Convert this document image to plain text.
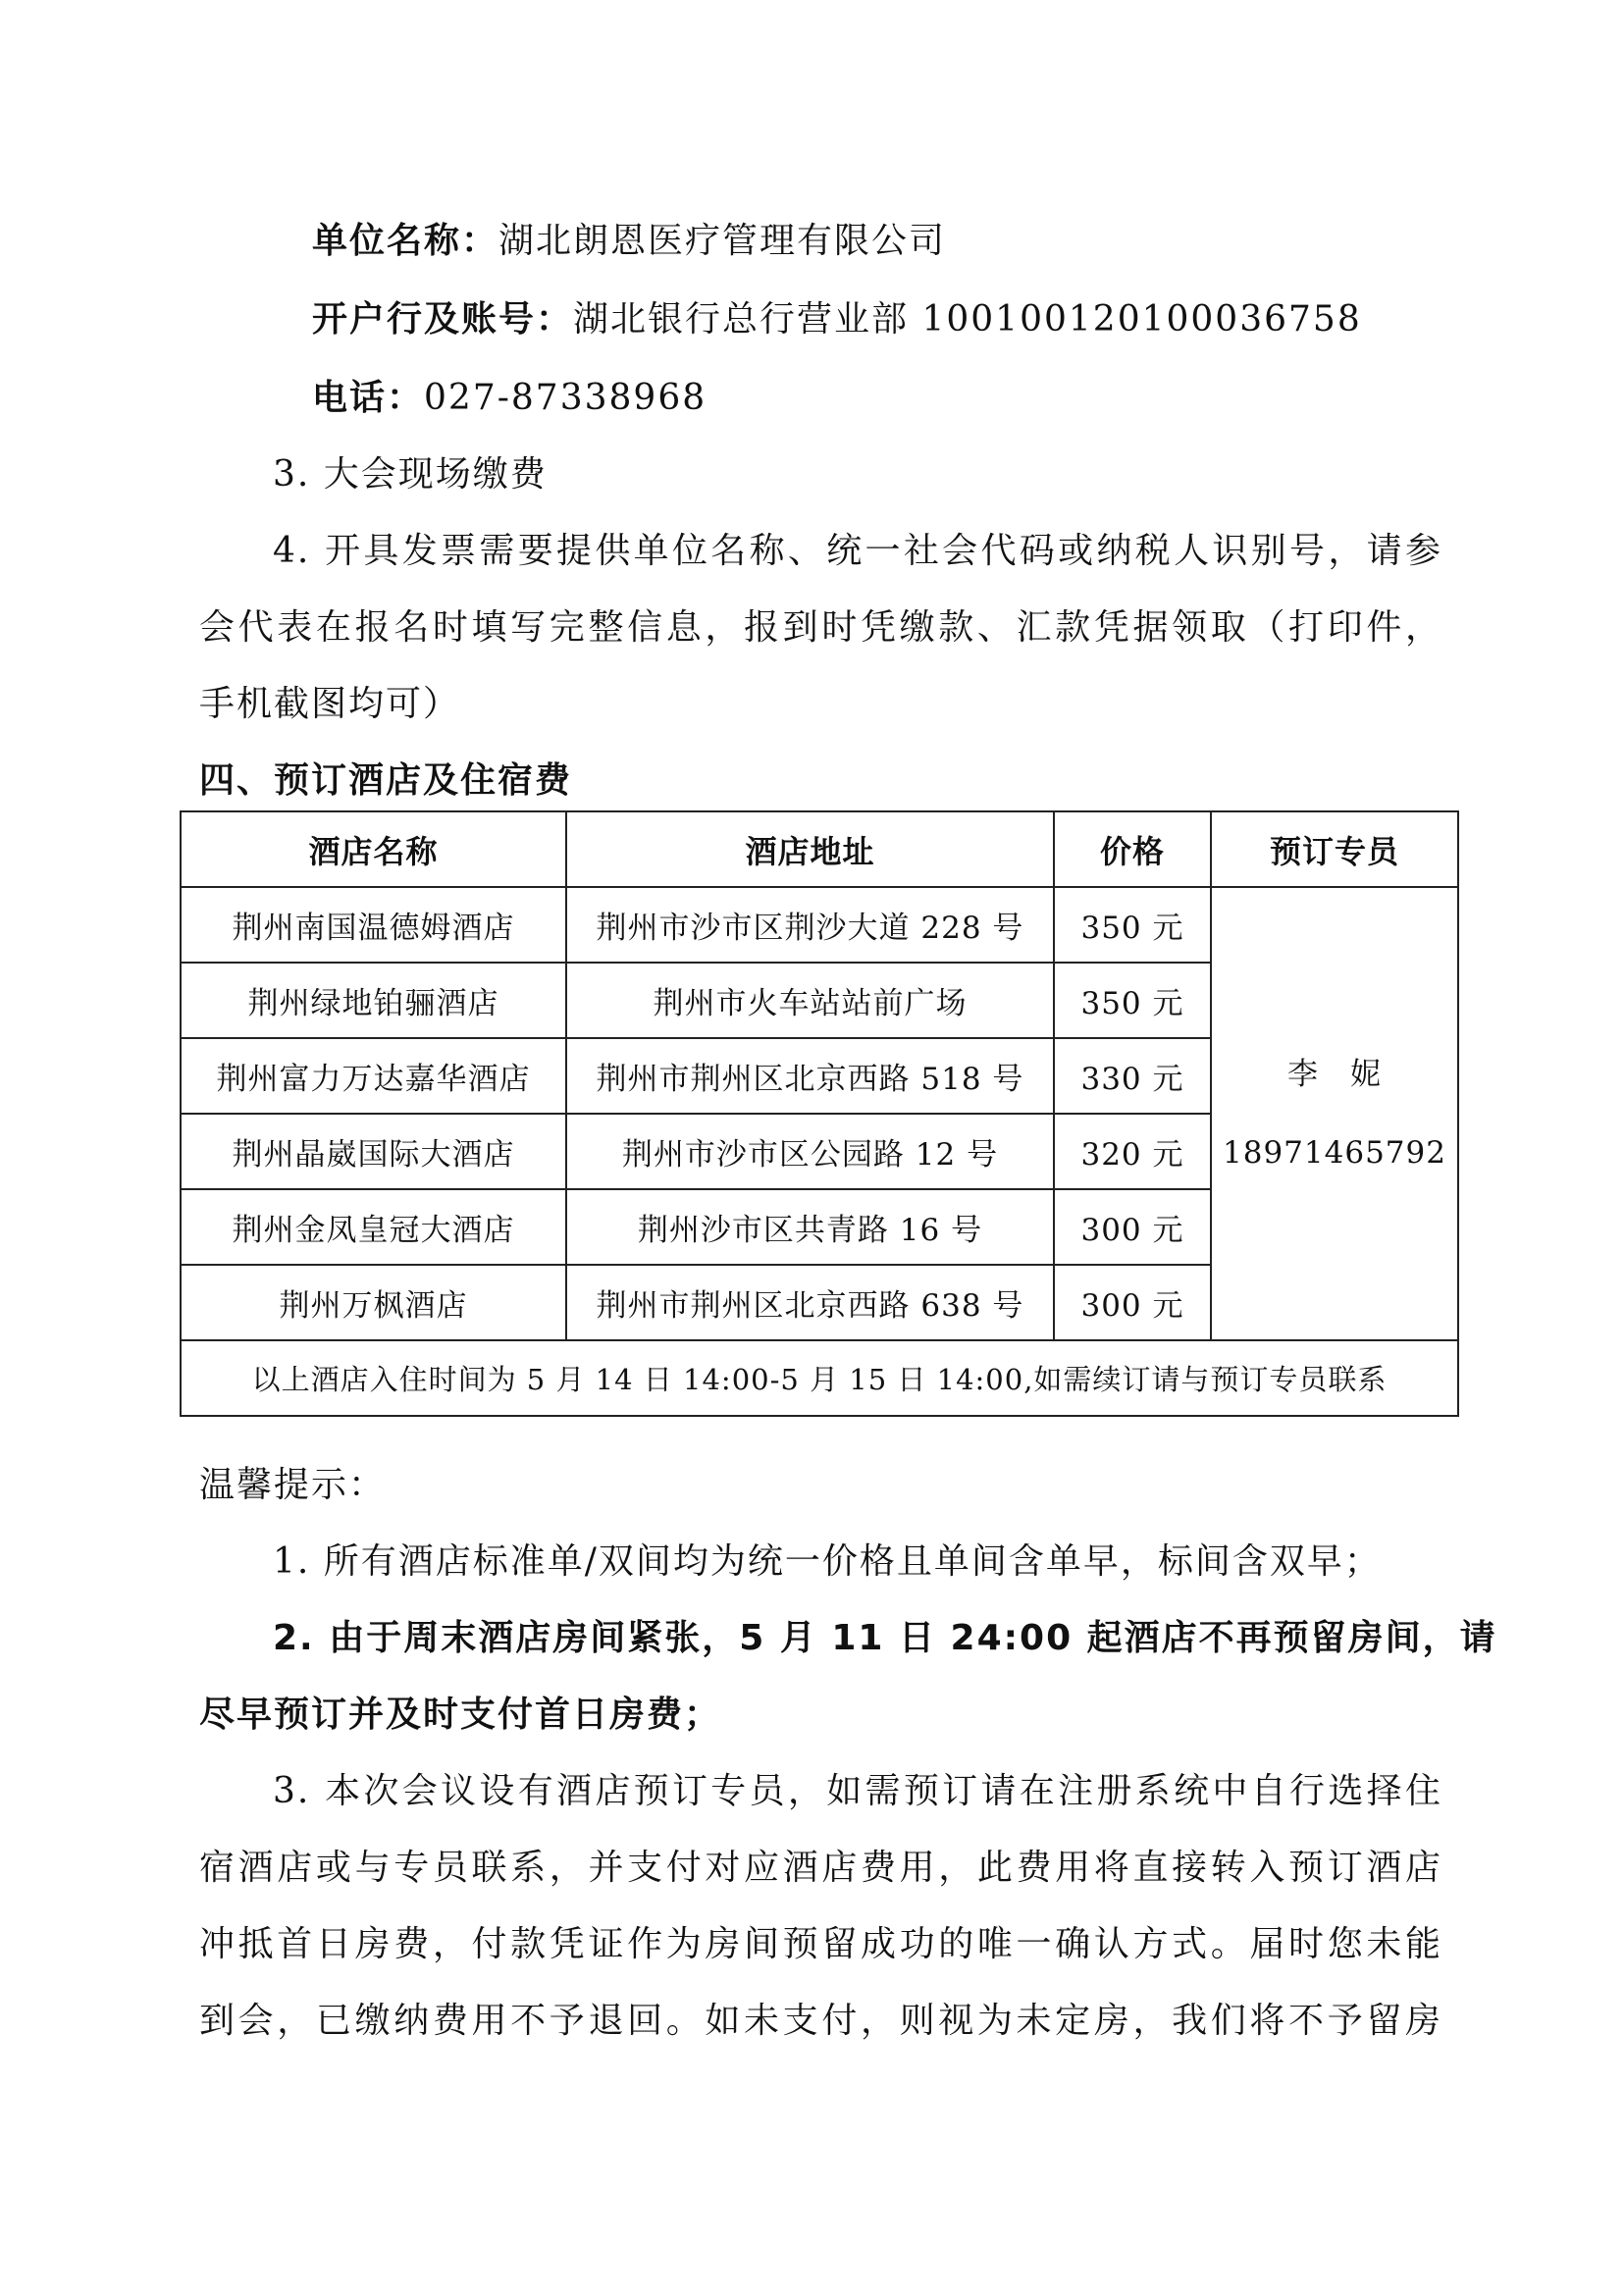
单位名称：湖北朗恩医疗管理有限公司
开户行及账号：湖北银行总行营业部 100100120100036758
电话：027-87338968
3. 大会现场缴费
4. 开具发票需要提供单位名称、统一社会代码或纳税人识别号，请参
会代表在报名时填写完整信息，报到时凭缴款、汇款凭据领取（打印件，
手机截图均可）
四、预订酒店及住宿费
酒店名称	酒店地址	价格	预订专员
荆州南国温德姆酒店	荆州市沙市区荆沙大道 228 号	350 元	李　妮
18971465792

荆州绿地铂骊酒店	荆州市火车站站前广场	350 元	
荆州富力万达嘉华酒店	荆州市荆州区北京西路 518 号	330 元	
荆州晶崴国际大酒店	荆州市沙市区公园路 12 号	320 元	
荆州金凤皇冠大酒店	荆州沙市区共青路 16 号	300 元	
荆州万枫酒店	荆州市荆州区北京西路 638 号	300 元	
以上酒店入住时间为 5 月 14 日 14:00-5 月 15 日 14:00,如需续订请与预订专员联系			
温馨提示：
1. 所有酒店标准单/双间均为统一价格且单间含单早，标间含双早；
2. 由于周末酒店房间紧张，5 月 11 日 24:00 起酒店不再预留房间，请
尽早预订并及时支付首日房费；
3. 本次会议设有酒店预订专员，如需预订请在注册系统中自行选择住
宿酒店或与专员联系，并支付对应酒店费用，此费用将直接转入预订酒店
冲抵首日房费，付款凭证作为房间预留成功的唯一确认方式。届时您未能
到会，已缴纳费用不予退回。如未支付，则视为未定房，我们将不予留房
